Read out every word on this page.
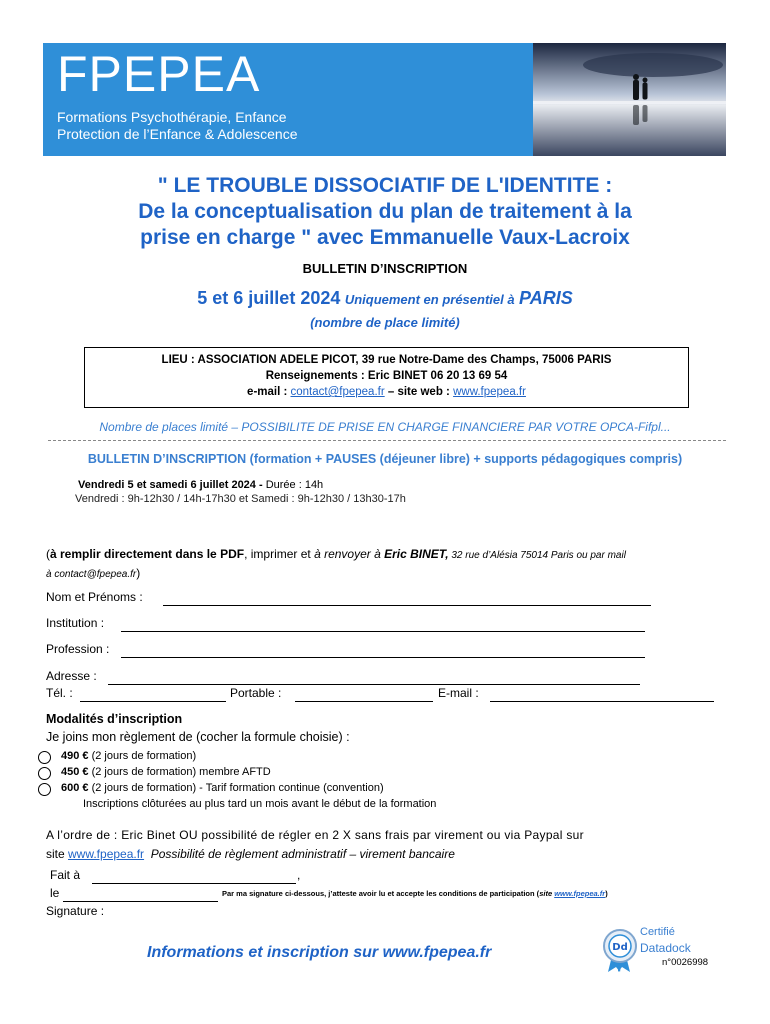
FPEPEA
Formations Psychothérapie, Enfance
Protection de l’Enfance & Adolescence
" LE TROUBLE DISSOCIATIF DE L'IDENTITE :
De la conceptualisation du plan de traitement à la
prise en charge " avec Emmanuelle Vaux-Lacroix
BULLETIN D’INSCRIPTION
5 et 6 juillet 2024 Uniquement en présentiel à PARIS
(nombre de place limité)
LIEU : ASSOCIATION ADELE PICOT, 39 rue Notre-Dame des Champs, 75006 PARIS
Renseignements : Eric BINET 06 20 13 69 54
e-mail : contact@fpepea.fr – site web : www.fpepea.fr
Nombre de places limité – POSSIBILITE DE PRISE EN CHARGE FINANCIERE PAR VOTRE OPCA-Fifpl...
BULLETIN D’INSCRIPTION (formation + PAUSES (déjeuner libre) + supports pédagogiques compris)
Vendredi 5 et samedi 6 juillet 2024 - Durée : 14h
Vendredi : 9h-12h30 / 14h-17h30 et Samedi : 9h-12h30 / 13h30-17h
(à remplir directement dans le PDF, imprimer et à renvoyer à Eric BINET, 32 rue d’Alésia 75014 Paris ou par mail
à contact@fpepea.fr)
Nom et Prénoms :
Institution :
Profession :
Adresse :
Tél. :	Portable :	E-mail :
Modalités d’inscription
Je joins mon règlement de (cocher la formule choisie) :
490 € (2 jours de formation)
450 € (2 jours de formation) membre AFTD
600 € (2 jours de formation) - Tarif formation continue (convention)
Inscriptions clôturées au plus tard un mois avant le début de la formation
A l’ordre de : Eric Binet OU possibilité de régler en 2 X sans frais par virement ou via Paypal sur
site www.fpepea.fr Possibilité de règlement administratif – virement bancaire
Fait à	,
le	Par ma signature ci-dessous, j’atteste avoir lu et accepte les conditions de participation (site www.fpepea.fr)
Signature :
Informations et inscription sur www.fpepea.fr	Dd
Certifié
Datadock
n°0026998
